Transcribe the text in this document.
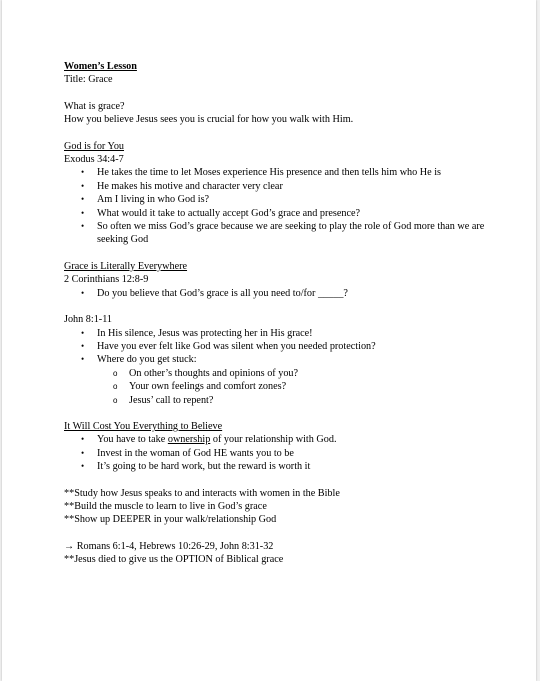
Women’s Lesson
Title: Grace
What is grace?
How you believe Jesus sees you is crucial for how you walk with Him.
God is for You
Exodus 34:4-7
•	He takes the time to let Moses experience His presence and then tells him who He is
•	He makes his motive and character very clear
•	Am I living in who God is?
•	What would it take to actually accept God’s grace and presence?
•	So often we miss God’s grace because we are seeking to play the role of God more than we are seeking God
Grace is Literally Everywhere
2 Corinthians 12:8-9
•	Do you believe that God’s grace is all you need to/for _____?
John 8:1-11
•	In His silence, Jesus was protecting her in His grace!
•	Have you ever felt like God was silent when you needed protection?
•	Where do you get stuck:
o	On other’s thoughts and opinions of you?
o	Your own feelings and comfort zones?
o	Jesus’ call to repent?
It Will Cost You Everything to Believe
•	You have to take ownership of your relationship with God.
•	Invest in the woman of God HE wants you to be
•	It’s going to be hard work, but the reward is worth it
**Study how Jesus speaks to and interacts with women in the Bible
**Build the muscle to learn to live in God’s grace
**Show up DEEPER in your walk/relationship God
→ Romans 6:1-4, Hebrews 10:26-29, John 8:31-32
**Jesus died to give us the OPTION of Biblical grace
